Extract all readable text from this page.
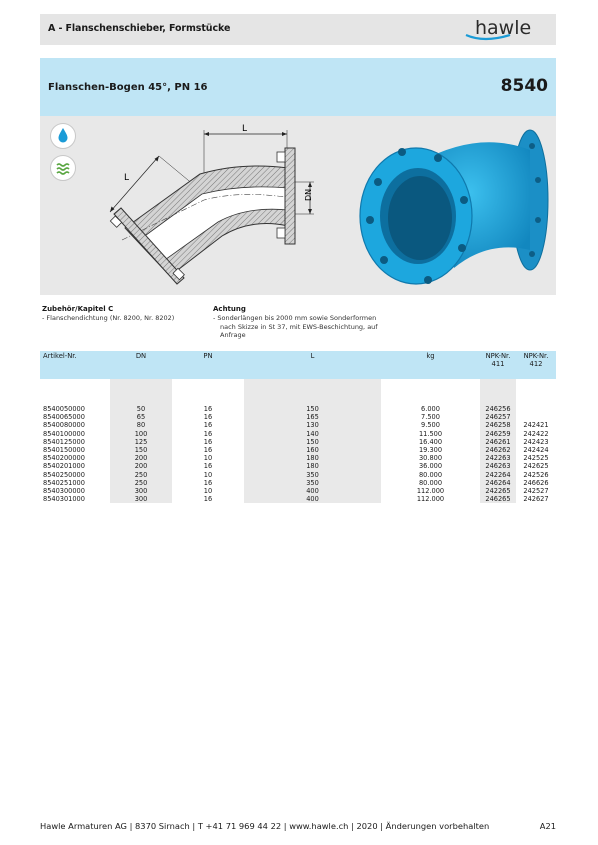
A - Flanschenschieber, Formstücke	hawle
Flanschen-Bogen 45°, PN 16	8540
L
L
DN
Zubehör/Kapitel C
- Flanschendichtung (Nr. 8200, Nr. 8202)
Achtung
- Sonderlängen bis 2000 mm sowie Sonderformen
nach Skizze in St 37, mit EWS-Beschichtung, auf
Anfrage
Artikel-Nr.	DN	PN	L	kg	NPK-Nr. 411	NPK-Nr. 412
8540050000	50	16	150	6.000	246256	
8540065000	65	16	165	7.500	246257	
8540080000	80	16	130	9.500	246258	242421
8540100000	100	16	140	11.500	246259	242422
8540125000	125	16	150	16.400	246261	242423
8540150000	150	16	160	19.300	246262	242424
8540200000	200	10	180	30.800	242263	242525
8540201000	200	16	180	36.000	246263	242625
8540250000	250	10	350	80.000	242264	242526
8540251000	250	16	350	80.000	246264	246626
8540300000	300	10	400	112.000	242265	242527
8540301000	300	16	400	112.000	246265	242627
Hawle Armaturen AG | 8370 Sirnach | T +41 71 969 44 22 | www.hawle.ch | 2020 | Änderungen vorbehalten	A21
